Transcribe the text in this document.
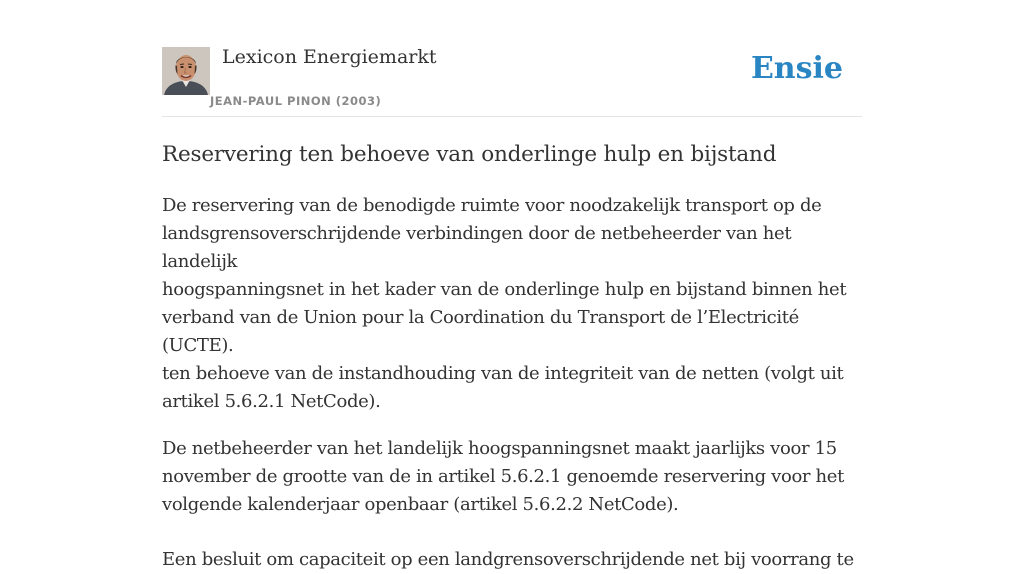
Lexicon Energiemarkt
JEAN-PAUL PINON (2003)
Ensie
Reservering ten behoeve van onderlinge hulp en bijstand

De reservering van de benodigde ruimte voor noodzakelijk transport op de
landsgrensoverschrijdende verbindingen door de netbeheerder van het landelijk
hoogspanningsnet in het kader van de onderlinge hulp en bijstand binnen het
verband van de Union pour la Coordination du Transport de l’Electricité (UCTE).
ten behoeve van de instandhouding van de integriteit van de netten (volgt uit
artikel 5.6.2.1 NetCode).

De netbeheerder van het landelijk hoogspanningsnet maakt jaarlijks voor 15
november de grootte van de in artikel 5.6.2.1 genoemde reservering voor het
volgende kalenderjaar openbaar (artikel 5.6.2.2 NetCode).

Een besluit om capaciteit op een landgrensoverschrijdende net bij voorrang te
